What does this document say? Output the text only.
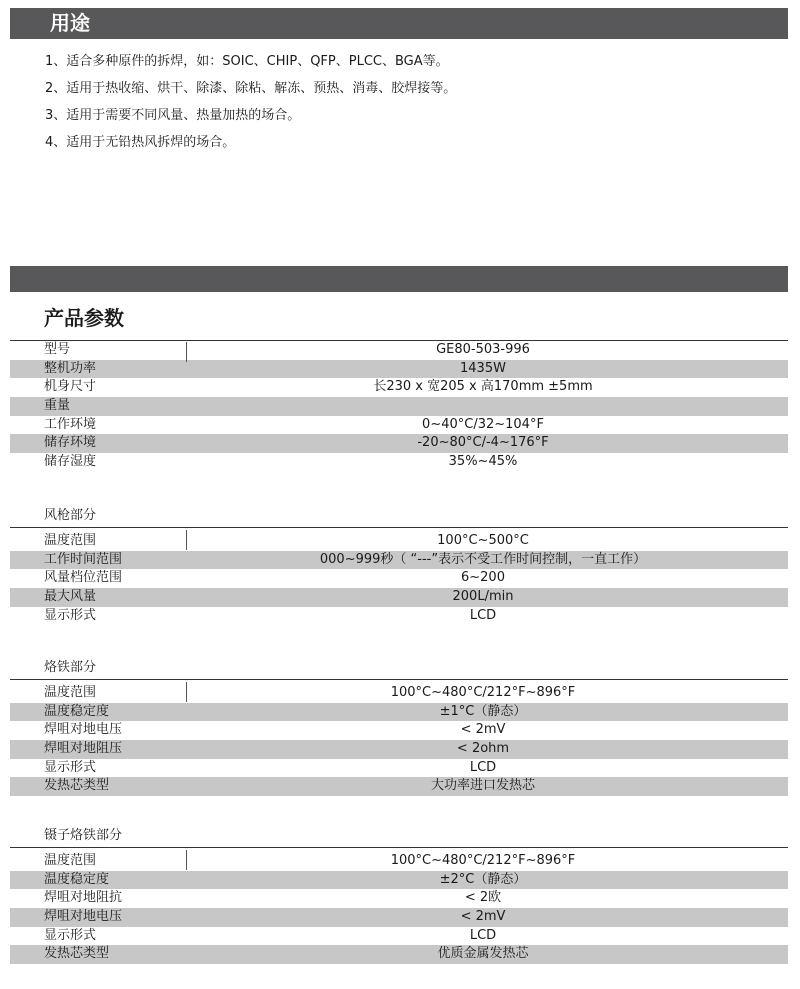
用途
1、适合多种原件的拆焊，如：SOIC、CHIP、QFP、PLCC、BGA等。
2、适用于热收缩、烘干、除漆、除粘、解冻、预热、消毒、胶焊接等。
3、适用于需要不同风量、热量加热的场合。
4、适用于无铅热风拆焊的场合。
产品参数
型号	GE80-503-996
整机功率	1435W
机身尺寸	长230 x 宽205 x 高170mm ±5mm
重量
工作环境	0~40°C/32~104°F
储存环境	-20~80°C/-4~176°F
储存湿度	35%~45%
风枪部分
温度范围	100°C~500°C
工作时间范围	000~999秒（ “---”表示不受工作时间控制，一直工作）
风量档位范围	6~200
最大风量	200L/min
显示形式	LCD
烙铁部分
温度范围	100°C~480°C/212°F~896°F
温度稳定度	±1°C（静态）
焊咀对地电压	< 2mV
焊咀对地阻压	< 2ohm
显示形式	LCD
发热芯类型	大功率进口发热芯
镊子烙铁部分
温度范围	100°C~480°C/212°F~896°F
温度稳定度	±2°C（静态）
焊咀对地阻抗	< 2欧
焊咀对地电压	< 2mV
显示形式	LCD
发热芯类型	优质金属发热芯
